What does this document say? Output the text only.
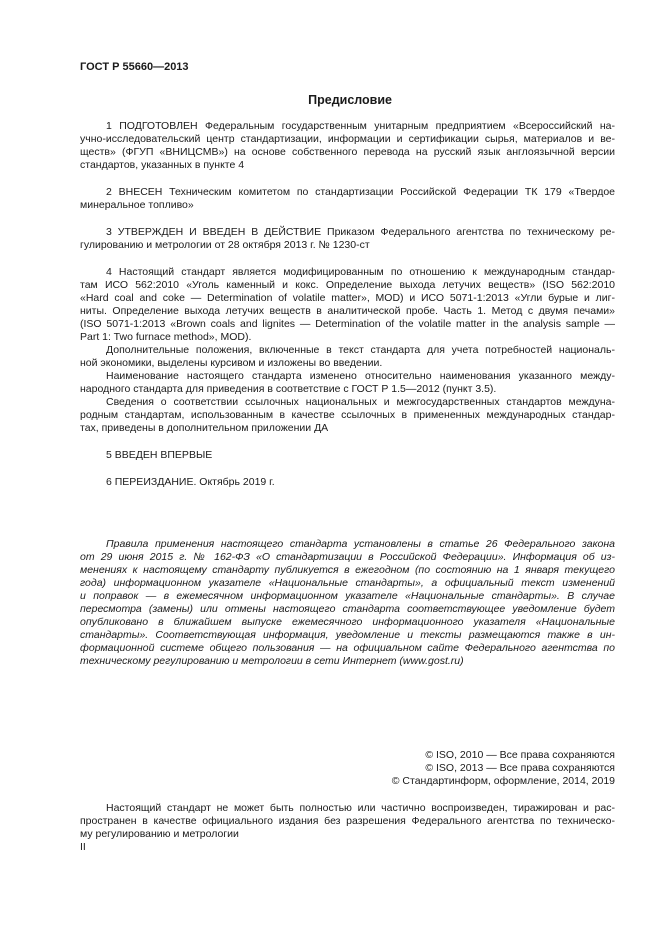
ГОСТ Р 55660—2013
Предисловие

1 ПОДГОТОВЛЕН Федеральным государственным унитарным предприятием «Всероссийский на-

учно-исследовательский центр стандартизации, информации и сертификации сырья, материалов и ве-

ществ» (ФГУП «ВНИЦСМВ») на основе собственного перевода на русский язык англоязычной версии

стандартов, указанных в пункте 4

2 ВНЕСЕН Техническим комитетом по стандартизации Российской Федерации ТК 179 «Твердое

минеральное топливо»

3 УТВЕРЖДЕН И ВВЕДЕН В ДЕЙСТВИЕ Приказом Федерального агентства по техническому ре-

гулированию и метрологии от 28 октября 2013 г. № 1230-ст

4 Настоящий стандарт является модифицированным по отношению к международным стандар-

там ИСО 562:2010 «Уголь каменный и кокс. Определение выхода летучих веществ» (ISO 562:2010

«Hard coal and coke — Determination of volatile matter», MOD) и ИСО 5071-1:2013 «Угли бурые и лиг-

ниты. Определение выхода летучих веществ в аналитической пробе. Часть 1. Метод с двумя печами»

(ISO 5071-1:2013 «Brown coals and lignites — Determination of the volatile matter in the analysis sample —

Part 1: Two furnace method», MOD).

Дополнительные положения, включенные в текст стандарта для учета потребностей националь-

ной экономики, выделены курсивом и изложены во введении.

Наименование настоящего стандарта изменено относительно наименования указанного между-

народного стандарта для приведения в соответствие с ГОСТ Р 1.5—2012 (пункт 3.5).

Сведения о соответствии ссылочных национальных и межгосударственных стандартов междуна-

родным стандартам, использованным в качестве ссылочных в примененных международных стандар-

тах, приведены в дополнительном приложении ДА

5 ВВЕДЕН ВПЕРВЫЕ

6 ПЕРЕИЗДАНИЕ. Октябрь 2019 г.

Правила применения настоящего стандарта установлены в статье 26 Федерального закона

от 29 июня 2015 г. № 162-ФЗ «О стандартизации в Российской Федерации». Информация об из-

менениях к настоящему стандарту публикуется в ежегодном (по состоянию на 1 января текущего

года) информационном указателе «Национальные стандарты», а официальный текст изменений

и поправок — в ежемесячном информационном указателе «Национальные стандарты». В случае

пересмотра (замены) или отмены настоящего стандарта соответствующее уведомление будет

опубликовано в ближайшем выпуске ежемесячного информационного указателя «Национальные

стандарты». Соответствующая информация, уведомление и тексты размещаются также в ин-

формационной системе общего пользования — на официальном сайте Федерального агентства по

техническому регулированию и метрологии в сети Интернет (www.gost.ru)

© ISO, 2010 — Все права сохраняются
© ISO, 2013 — Все права сохраняются
© Стандартинформ, оформление, 2014, 2019

Настоящий стандарт не может быть полностью или частично воспроизведен, тиражирован и рас-

пространен в качестве официального издания без разрешения Федерального агентства по техническо-

му регулированию и метрологии

II
